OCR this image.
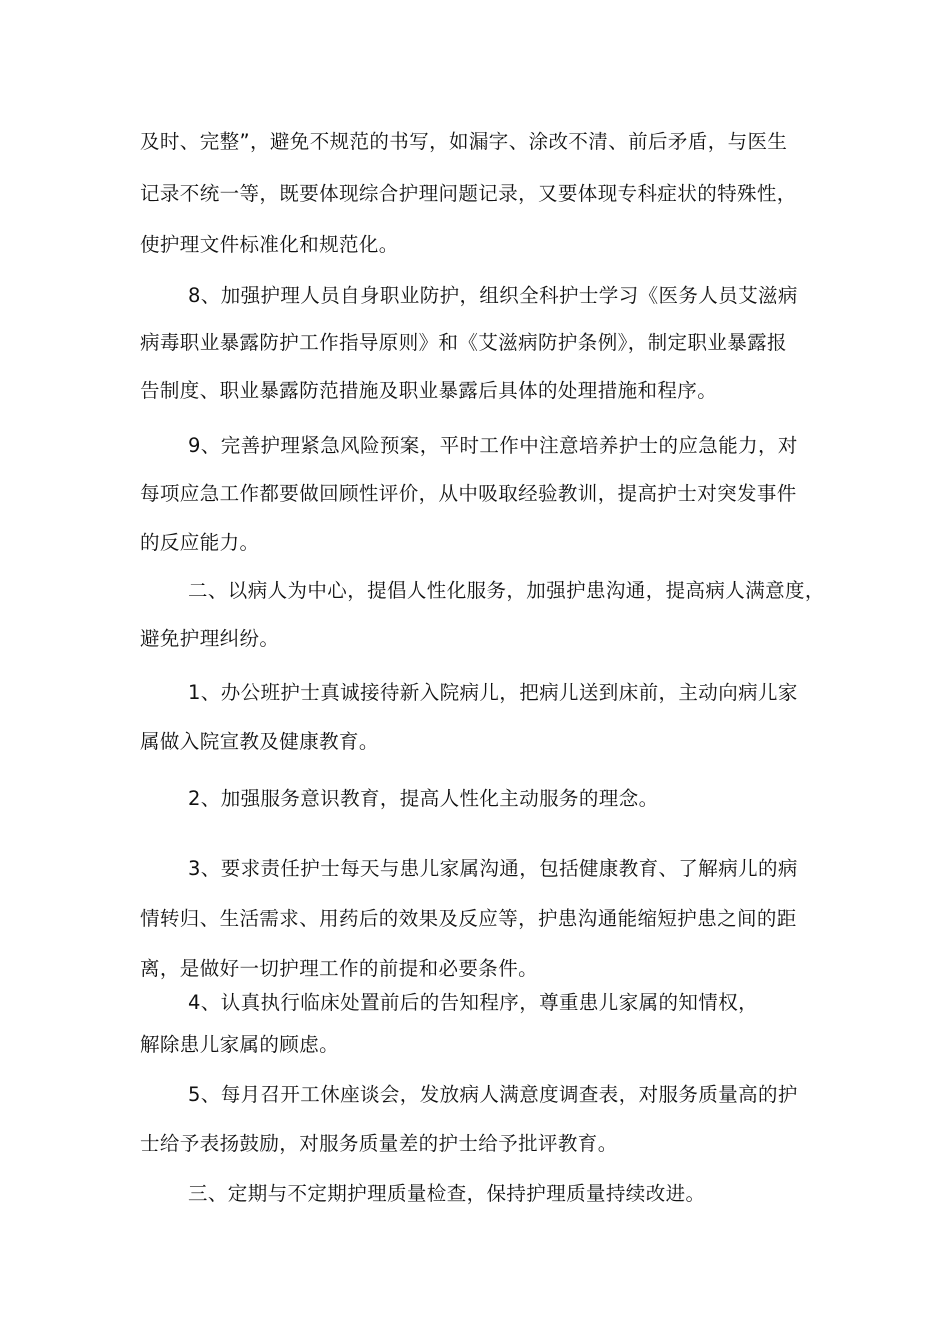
及时、完整”，避免不规范的书写，如漏字、涂改不清、前后矛盾，与医生
记录不统一等，既要体现综合护理问题记录，又要体现专科症状的特殊性，
使护理文件标准化和规范化。
8、加强护理人员自身职业防护，组织全科护士学习《医务人员艾滋病
病毒职业暴露防护工作指导原则》和《艾滋病防护条例》，制定职业暴露报
告制度、职业暴露防范措施及职业暴露后具体的处理措施和程序。
9、完善护理紧急风险预案，平时工作中注意培养护士的应急能力，对
每项应急工作都要做回顾性评价，从中吸取经验教训，提高护士对突发事件
的反应能力。
二、以病人为中心，提倡人性化服务，加强护患沟通，提高病人满意度，
避免护理纠纷。
1、办公班护士真诚接待新入院病儿，把病儿送到床前，主动向病儿家
属做入院宣教及健康教育。
2、加强服务意识教育，提高人性化主动服务的理念。
3、要求责任护士每天与患儿家属沟通，包括健康教育、了解病儿的病
情转归、生活需求、用药后的效果及反应等，护患沟通能缩短护患之间的距
离，是做好一切护理工作的前提和必要条件。
4、认真执行临床处置前后的告知程序，尊重患儿家属的知情权，
解除患儿家属的顾虑。
5、每月召开工休座谈会，发放病人满意度调查表，对服务质量高的护
士给予表扬鼓励，对服务质量差的护士给予批评教育。
三、定期与不定期护理质量检查，保持护理质量持续改进。
